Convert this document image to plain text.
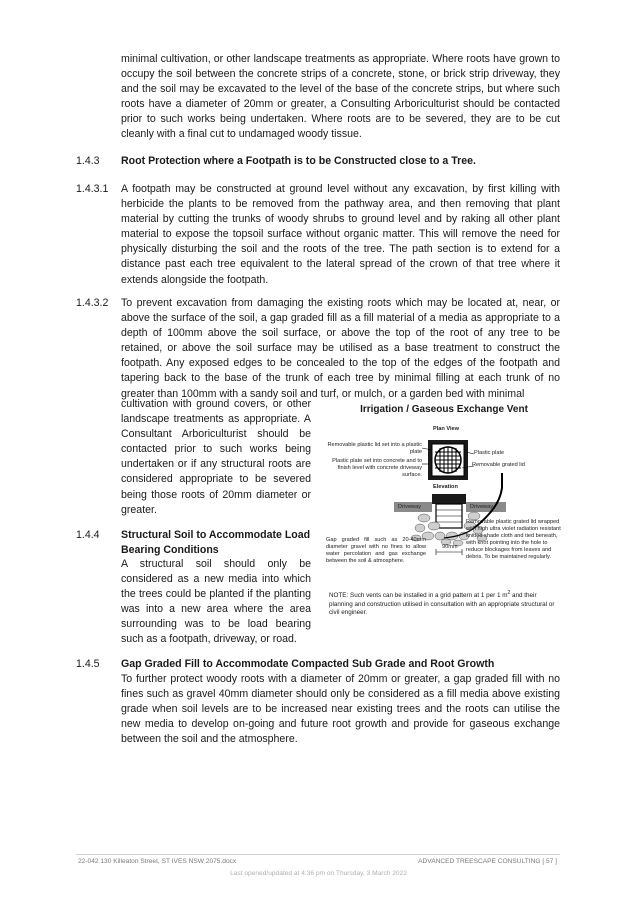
minimal cultivation, or other landscape treatments as appropriate. Where roots have grown to occupy the soil between the concrete strips of a concrete, stone, or brick strip driveway, they and the soil may be excavated to the level of the base of the concrete strips, but where such roots have a diameter of 20mm or greater, a Consulting Arboriculturist should be contacted prior to such works being undertaken. Where roots are to be severed, they are to be cut cleanly with a final cut to undamaged woody tissue.
1.4.3 Root Protection where a Footpath is to be Constructed close to a Tree.
1.4.3.1 A footpath may be constructed at ground level without any excavation, by first killing with herbicide the plants to be removed from the pathway area, and then removing that plant material by cutting the trunks of woody shrubs to ground level and by raking all other plant material to expose the topsoil surface without organic matter. This will remove the need for physically disturbing the soil and the roots of the tree. The path section is to extend for a distance past each tree equivalent to the lateral spread of the crown of that tree where it extends alongside the footpath.
1.4.3.2 To prevent excavation from damaging the existing roots which may be located at, near, or above the surface of the soil, a gap graded fill as a fill material of a media as appropriate to a depth of 100mm above the soil surface, or above the top of the root of any tree to be retained, or above the soil surface may be utilised as a base treatment to construct the footpath. Any exposed edges to be concealed to the top of the edges of the footpath and tapering back to the base of the trunk of each tree by minimal filling at each trunk of no greater than 100mm with a sandy soil and turf, or mulch, or a garden bed with minimal
cultivation with ground covers, or other landscape treatments as appropriate. A Consultant Arboriculturist should be contacted prior to such works being undertaken or if any structural roots are considered appropriate to be severed being those roots of 20mm diameter or greater.
1.4.4 Structural Soil to Accommodate Load Bearing Conditions
A structural soil should only be considered as a new media into which the trees could be planted if the planting was into a new area where the area surrounding was to be load bearing such as a footpath, driveway, or road.
Irrigation / Gaseous Exchange Vent
Plan View
Removable plastic lid set into a plastic plate
Plastic plate set into concrete and to finish level with concrete driveway surface.
Plastic plate
Removable grated lid
Elevation
Driveway	Driveway
Gap graded fill such as 20-40mm diameter gravel with no fines to allow water percolation and gas exchange between the soil & atmosphere.
90mm
Removable plastic grated lid wrapped with high ultra violet radiation resistant knitted shade cloth and tied beneath, with knot pointing into the hole to reduce blockages from leaves and debris. To be maintained regularly.
NOTE: Such vents can be installed in a grid pattern at 1 per 1 $m^2$ and their planning and construction utilised in consultation with an appropriate structural or civil engineer.
1.4.5 Gap Graded Fill to Accommodate Compacted Sub Grade and Root Growth
To further protect woody roots with a diameter of 20mm or greater, a gap graded fill with no fines such as gravel 40mm diameter should only be considered as a fill media above existing grade when soil levels are to be increased near existing trees and the roots can utilise the new media to develop on-going and future root growth and provide for gaseous exchange between the soil and the atmosphere.
22-042 130 Killeaton Street, ST IVES NSW 2075.docx	ADVANCED TREESCAPE CONSULTING [ 57 ]
Last opened/updated at 4:36 pm on Thursday, 3 March 2022
